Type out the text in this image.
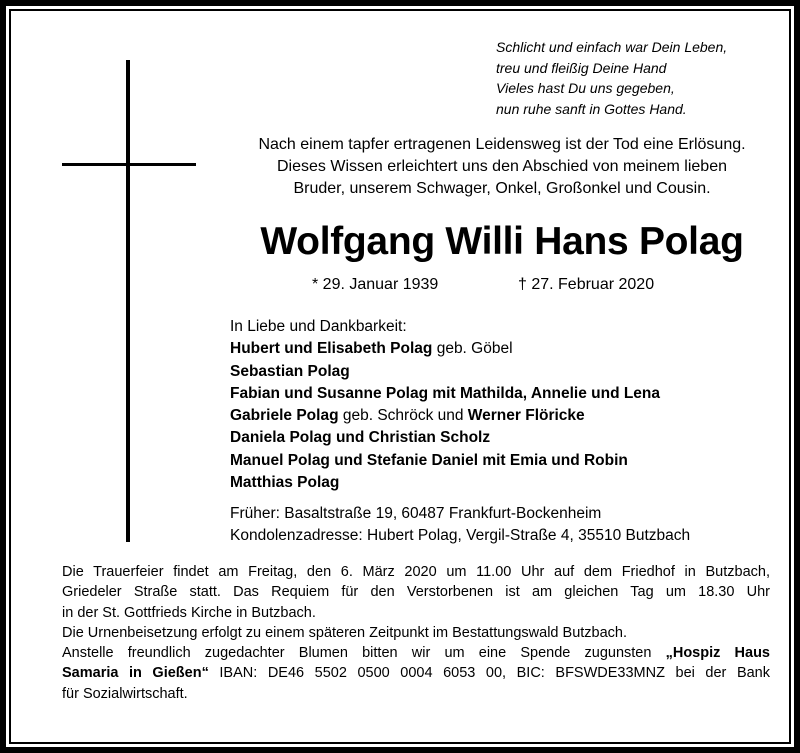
Schlicht und einfach war Dein Leben,
treu und fleißig Deine Hand
Vieles hast Du uns gegeben,
nun ruhe sanft in Gottes Hand.
Nach einem tapfer ertragenen Leidensweg ist der Tod eine Erlösung.
Dieses Wissen erleichtert uns den Abschied von meinem lieben
Bruder, unserem Schwager, Onkel, Großonkel und Cousin.
Wolfgang Willi Hans Polag
* 29. Januar 1939	† 27. Februar 2020
In Liebe und Dankbarkeit:
Hubert und Elisabeth Polag geb. Göbel
Sebastian Polag
Fabian und Susanne Polag mit Mathilda, Annelie und Lena
Gabriele Polag geb. Schröck und Werner Flöricke
Daniela Polag und Christian Scholz
Manuel Polag und Stefanie Daniel mit Emia und Robin
Matthias Polag
Früher: Basaltstraße 19, 60487 Frankfurt-Bockenheim
Kondolenzadresse: Hubert Polag, Vergil-Straße 4, 35510 Butzbach
Die Trauerfeier findet am Freitag, den 6. März 2020 um 11.00 Uhr auf dem Friedhof in Butzbach,
Griedeler Straße statt. Das Requiem für den Verstorbenen ist am gleichen Tag um 18.30 Uhr
in der St. Gottfrieds Kirche in Butzbach.
Die Urnenbeisetzung erfolgt zu einem späteren Zeitpunkt im Bestattungswald Butzbach.
Anstelle freundlich zugedachter Blumen bitten wir um eine Spende zugunsten „Hospiz Haus
Samaria in Gießen“ IBAN: DE46 5502 0500 0004 6053 00, BIC: BFSWDE33MNZ bei der Bank
für Sozialwirtschaft.
